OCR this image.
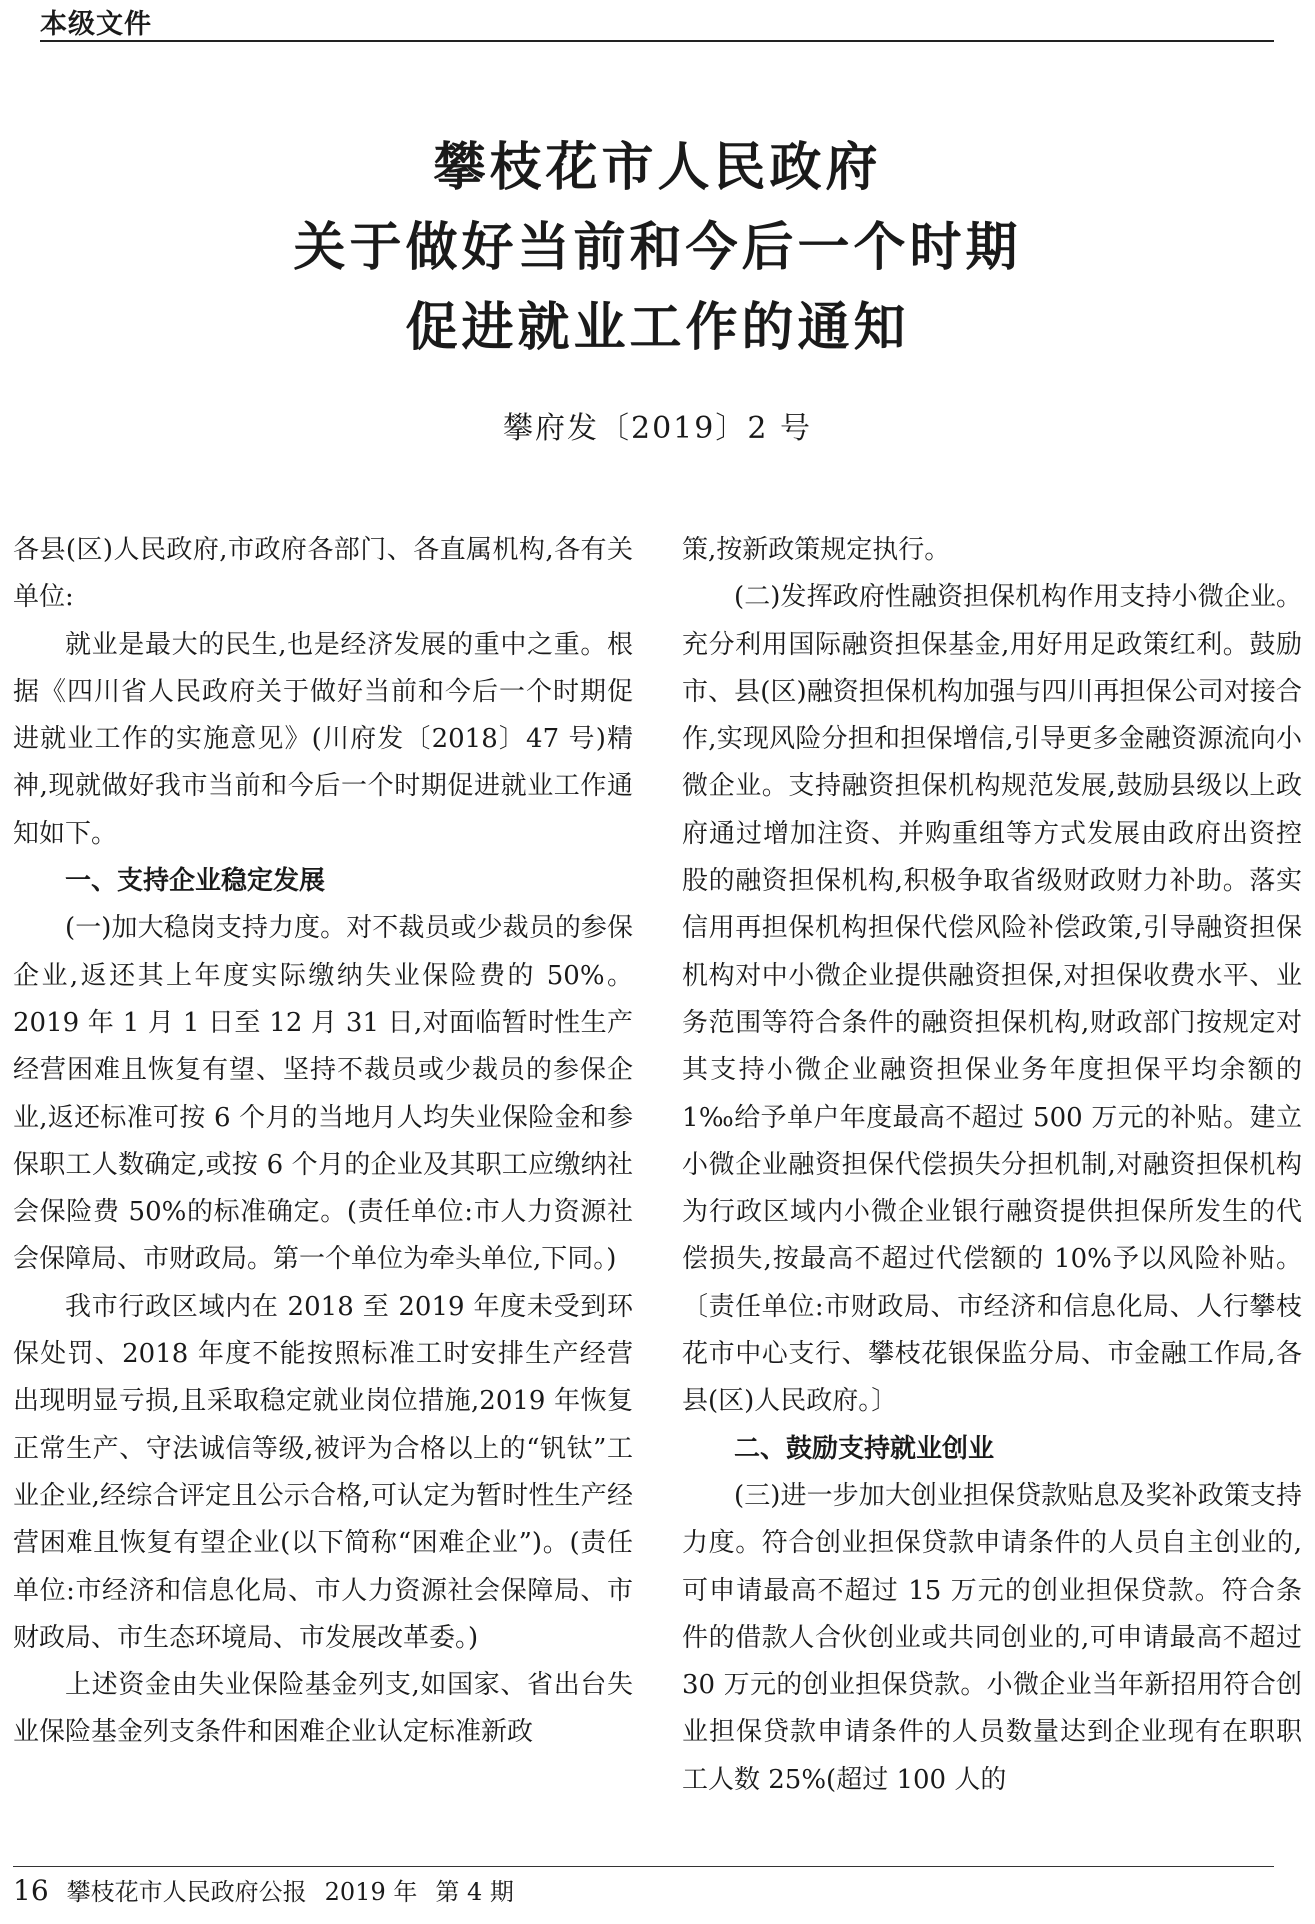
本级文件
攀枝花市人民政府
关于做好当前和今后一个时期
促进就业工作的通知
攀府发〔2019〕2 号

各县(区)人民政府,市政府各部门、各直属机构,各有关单位:

就业是最大的民生,也是经济发展的重中之重。根据《四川省人民政府关于做好当前和今后一个时期促进就业工作的实施意见》(川府发〔2018〕47 号)精神,现就做好我市当前和今后一个时期促进就业工作通知如下。

一、支持企业稳定发展

(一)加大稳岗支持力度。对不裁员或少裁员的参保企业,返还其上年度实际缴纳失业保险费的 50%。2019 年 1 月 1 日至 12 月 31 日,对面临暂时性生产经营困难且恢复有望、坚持不裁员或少裁员的参保企业,返还标准可按 6 个月的当地月人均失业保险金和参保职工人数确定,或按 6 个月的企业及其职工应缴纳社会保险费 50%的标准确定。(责任单位:市人力资源社会保障局、市财政局。第一个单位为牵头单位,下同。)

我市行政区域内在 2018 至 2019 年度未受到环保处罚、2018 年度不能按照标准工时安排生产经营出现明显亏损,且采取稳定就业岗位措施,2019 年恢复正常生产、守法诚信等级,被评为合格以上的“钒钛”工业企业,经综合评定且公示合格,可认定为暂时性生产经营困难且恢复有望企业(以下简称“困难企业”)。(责任单位:市经济和信息化局、市人力资源社会保障局、市财政局、市生态环境局、市发展改革委。)

上述资金由失业保险基金列支,如国家、省出台失业保险基金列支条件和困难企业认定标准新政

策,按新政策规定执行。

(二)发挥政府性融资担保机构作用支持小微企业。充分利用国际融资担保基金,用好用足政策红利。鼓励市、县(区)融资担保机构加强与四川再担保公司对接合作,实现风险分担和担保增信,引导更多金融资源流向小微企业。支持融资担保机构规范发展,鼓励县级以上政府通过增加注资、并购重组等方式发展由政府出资控股的融资担保机构,积极争取省级财政财力补助。落实信用再担保机构担保代偿风险补偿政策,引导融资担保机构对中小微企业提供融资担保,对担保收费水平、业务范围等符合条件的融资担保机构,财政部门按规定对其支持小微企业融资担保业务年度担保平均余额的 1‰给予单户年度最高不超过 500 万元的补贴。建立小微企业融资担保代偿损失分担机制,对融资担保机构为行政区域内小微企业银行融资提供担保所发生的代偿损失,按最高不超过代偿额的 10%予以风险补贴。〔责任单位:市财政局、市经济和信息化局、人行攀枝花市中心支行、攀枝花银保监分局、市金融工作局,各县(区)人民政府。〕

二、鼓励支持就业创业

(三)进一步加大创业担保贷款贴息及奖补政策支持力度。符合创业担保贷款申请条件的人员自主创业的,可申请最高不超过 15 万元的创业担保贷款。符合条件的借款人合伙创业或共同创业的,可申请最高不超过 30 万元的创业担保贷款。小微企业当年新招用符合创业担保贷款申请条件的人员数量达到企业现有在职职工人数 25%(超过 100 人的

16 攀枝花市人民政府公报 2019 年 第 4 期
